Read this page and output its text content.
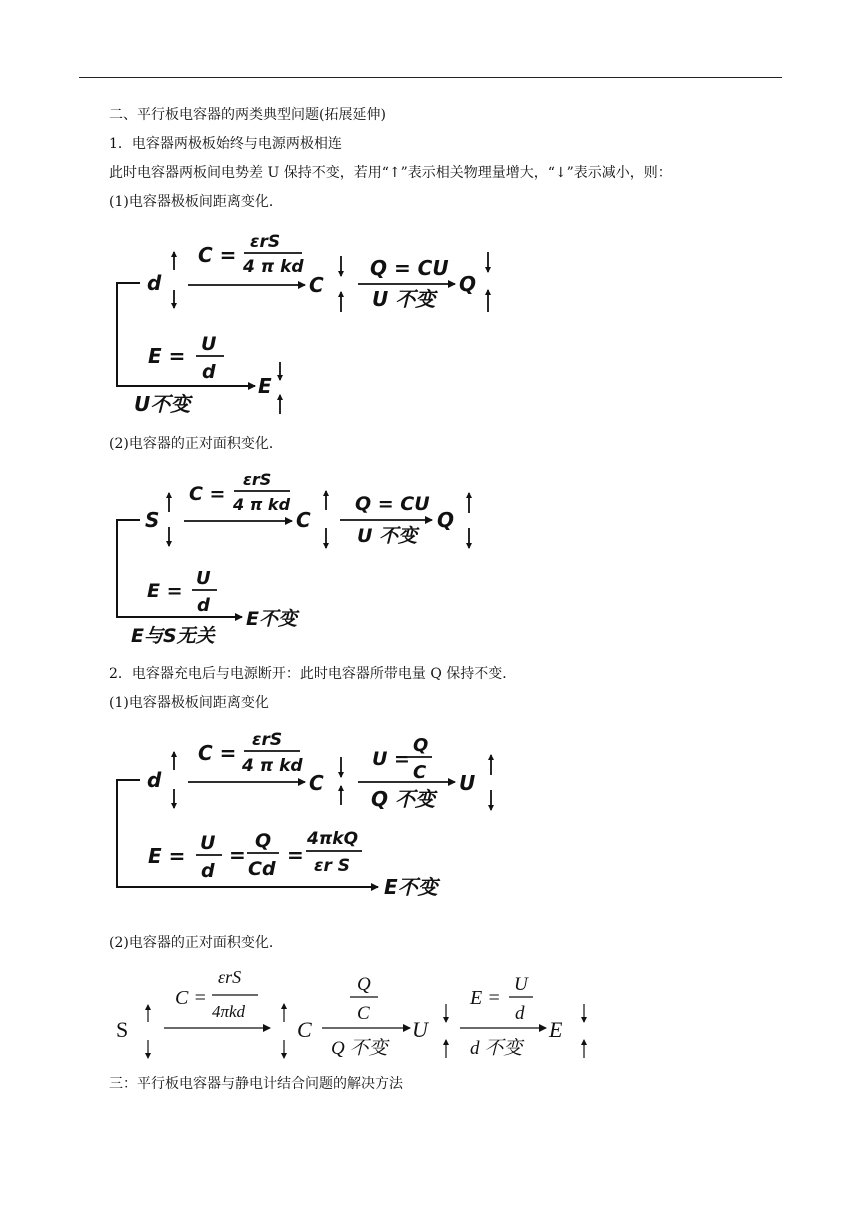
二、平行板电容器的两类典型问题(拓展延伸)
1．电容器两极板始终与电源两极相连
此时电容器两板间电势差 U 保持不变，若用“↑”表示相关物理量增大，“↓”表示减小，则：
(1)电容器极板间距离变化．
d
C =
εrS
4 π kd
C
Q = CU
U 不变
Q
E = U
d
U不变
E
(2)电容器的正对面积变化．
S
C =
εrS
4 π kd
C
Q = CU
U 不变
Q
E =
U
d
E与S无关
E不变
2．电容器充电后与电源断开：此时电容器所带电量 Q 保持不变．
(1)电容器极板间距离变化
d
C =
εrS
4 π kd
C
U =
Q
C
Q 不变
U
E =
U
d
=
Q
Cd
=
4πkQ
εr S
E不变
(2)电容器的正对面积变化．
S
C =
εrS
4πkd
C
Q
C
Q 不变
U
E =
U
d
d 不变
E
三：平行板电容器与静电计结合问题的解决方法
